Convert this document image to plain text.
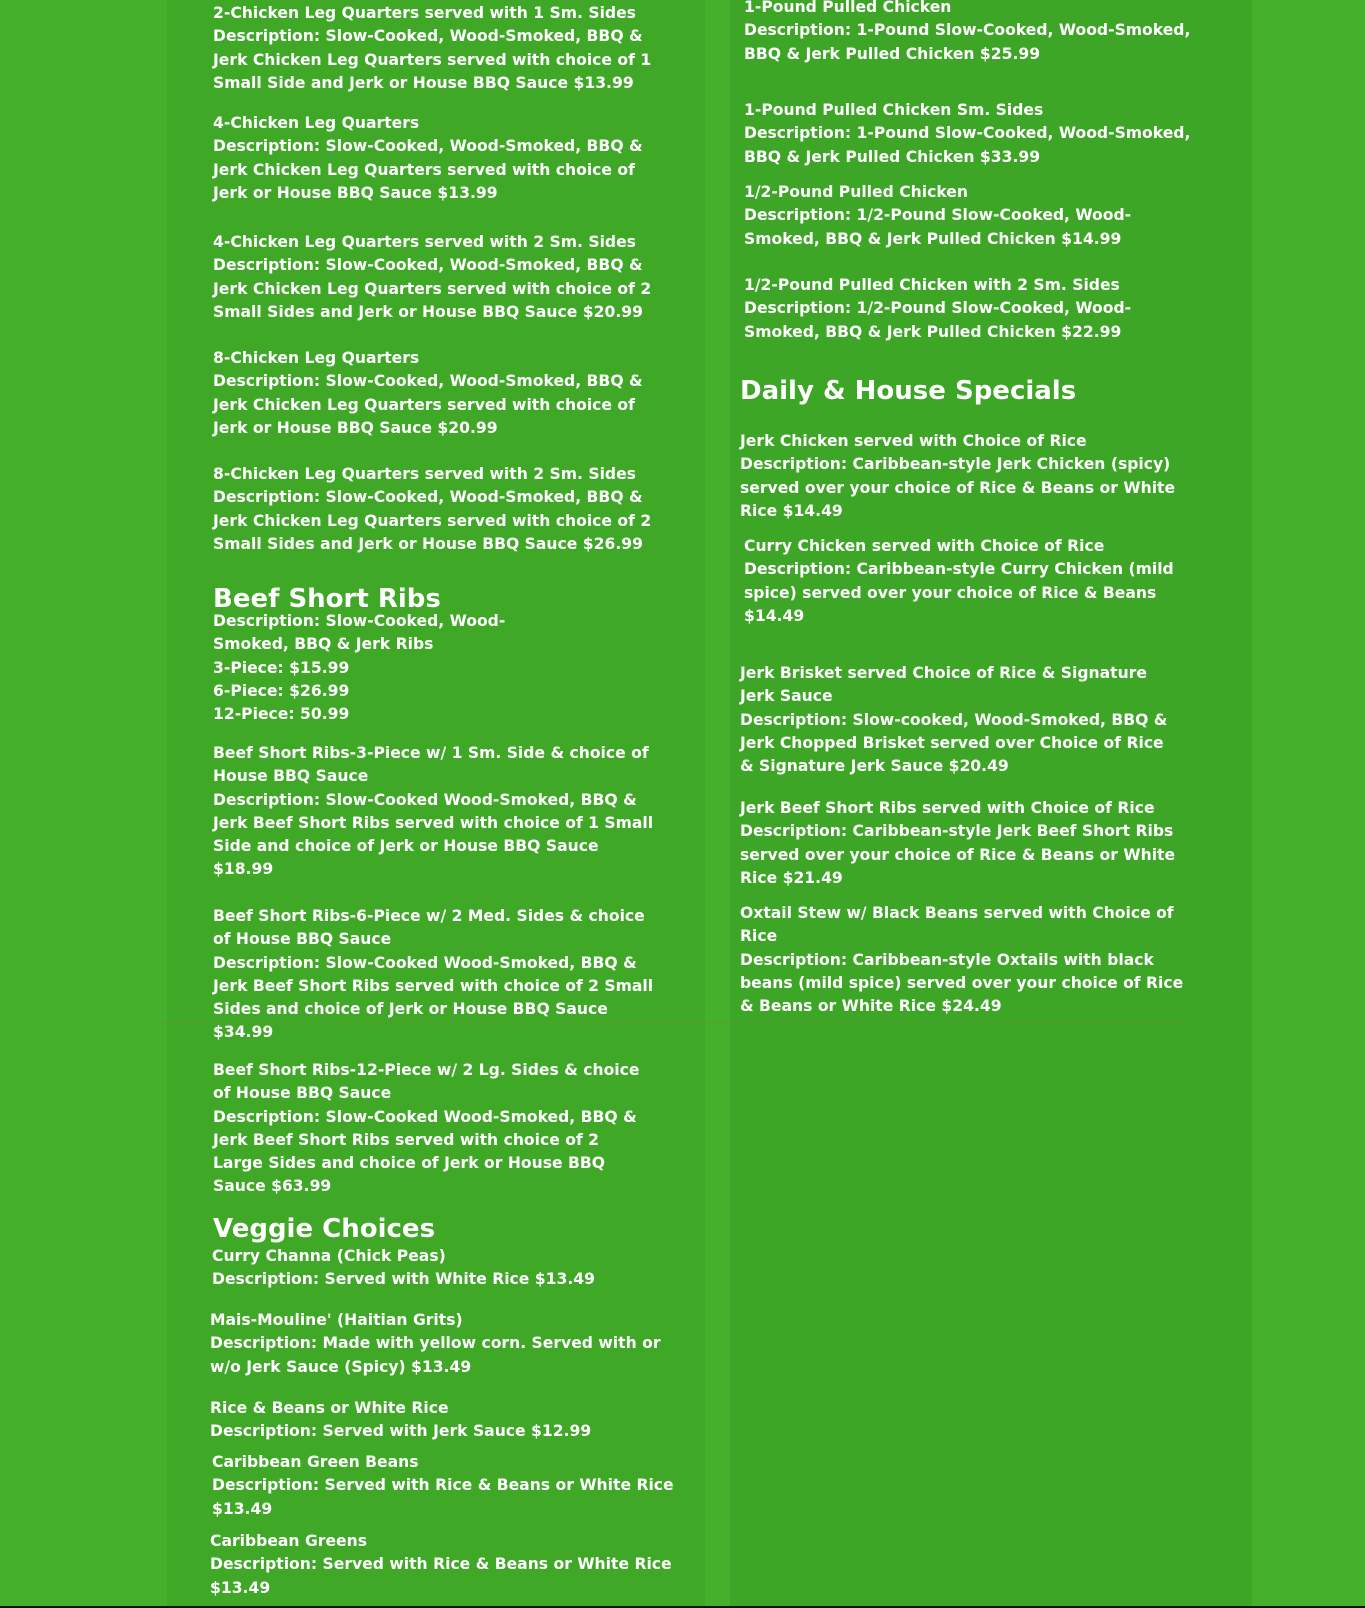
2-Chicken Leg Quarters served with 1 Sm. Sides
Description: Slow-Cooked, Wood-Smoked, BBQ &
Jerk Chicken Leg Quarters served with choice of 1
Small Side and Jerk or House BBQ Sauce $13.99
4-Chicken Leg Quarters
Description: Slow-Cooked, Wood-Smoked, BBQ &
Jerk Chicken Leg Quarters served with choice of
Jerk or House BBQ Sauce $13.99
4-Chicken Leg Quarters served with 2 Sm. Sides
Description: Slow-Cooked, Wood-Smoked, BBQ &
Jerk Chicken Leg Quarters served with choice of 2
Small Sides and Jerk or House BBQ Sauce $20.99
8-Chicken Leg Quarters
Description: Slow-Cooked, Wood-Smoked, BBQ &
Jerk Chicken Leg Quarters served with choice of
Jerk or House BBQ Sauce $20.99
8-Chicken Leg Quarters served with 2 Sm. Sides
Description: Slow-Cooked, Wood-Smoked, BBQ &
Jerk Chicken Leg Quarters served with choice of 2
Small Sides and Jerk or House BBQ Sauce $26.99
Beef Short Ribs
Description: Slow-Cooked, Wood-
Smoked, BBQ & Jerk Ribs
3-Piece: $15.99
6-Piece: $26.99
12-Piece: 50.99
Beef Short Ribs-3-Piece w/ 1 Sm. Side & choice of
House BBQ Sauce
Description: Slow-Cooked Wood-Smoked, BBQ &
Jerk Beef Short Ribs served with choice of 1 Small
Side and choice of Jerk or House BBQ Sauce
$18.99
Beef Short Ribs-6-Piece w/ 2 Med. Sides & choice
of House BBQ Sauce
Description: Slow-Cooked Wood-Smoked, BBQ &
Jerk Beef Short Ribs served with choice of 2 Small
Sides and choice of Jerk or House BBQ Sauce
$34.99
Beef Short Ribs-12-Piece w/ 2 Lg. Sides & choice
of House BBQ Sauce
Description: Slow-Cooked Wood-Smoked, BBQ &
Jerk Beef Short Ribs served with choice of 2
Large Sides and choice of Jerk or House BBQ
Sauce $63.99
Veggie Choices
Curry Channa (Chick Peas)
Description: Served with White Rice $13.49
Mais-Mouline' (Haitian Grits)
Description: Made with yellow corn. Served with or
w/o Jerk Sauce (Spicy) $13.49
Rice & Beans or White Rice
Description: Served with Jerk Sauce $12.99
Caribbean Green Beans
Description: Served with Rice & Beans or White Rice
$13.49
Caribbean Greens
Description: Served with Rice & Beans or White Rice
$13.49
1-Pound Pulled Chicken
Description: 1-Pound Slow-Cooked, Wood-Smoked,
BBQ & Jerk Pulled Chicken $25.99
1-Pound Pulled Chicken Sm. Sides
Description: 1-Pound Slow-Cooked, Wood-Smoked,
BBQ & Jerk Pulled Chicken $33.99
1/2-Pound Pulled Chicken
Description: 1/2-Pound Slow-Cooked, Wood-
Smoked, BBQ & Jerk Pulled Chicken $14.99
1/2-Pound Pulled Chicken with 2 Sm. Sides
Description: 1/2-Pound Slow-Cooked, Wood-
Smoked, BBQ & Jerk Pulled Chicken $22.99
Daily & House Specials
Jerk Chicken served with Choice of Rice
Description: Caribbean-style Jerk Chicken (spicy)
served over your choice of Rice & Beans or White
Rice $14.49
Curry Chicken served with Choice of Rice
Description: Caribbean-style Curry Chicken (mild
spice) served over your choice of Rice & Beans
$14.49
Jerk Brisket served Choice of Rice & Signature
Jerk Sauce
Description: Slow-cooked, Wood-Smoked, BBQ &
Jerk Chopped Brisket served over Choice of Rice
& Signature Jerk Sauce $20.49
Jerk Beef Short Ribs served with Choice of Rice
Description: Caribbean-style Jerk Beef Short Ribs
served over your choice of Rice & Beans or White
Rice $21.49
Oxtail Stew w/ Black Beans served with Choice of
Rice
Description: Caribbean-style Oxtails with black
beans (mild spice) served over your choice of Rice
& Beans or White Rice $24.49
